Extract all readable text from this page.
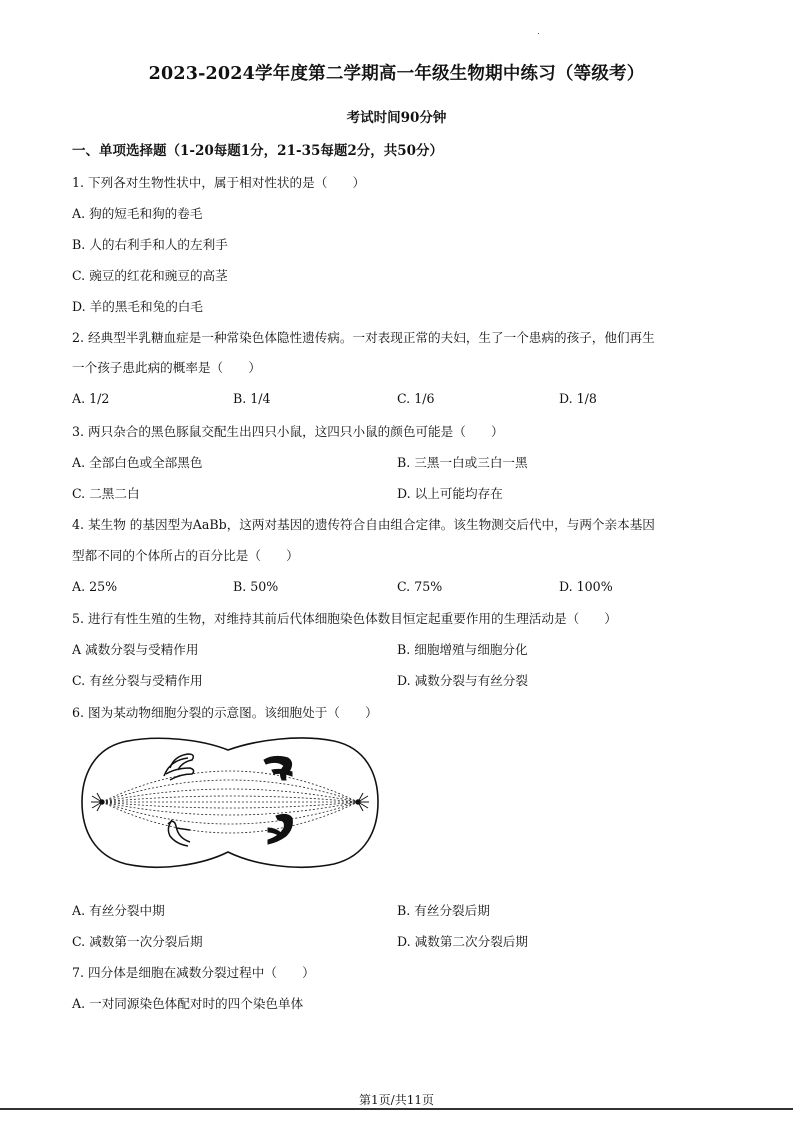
2023-2024学年度第二学期高一年级生物期中练习（等级考）
考试时间90分钟
一、单项选择题（1-20每题1分，21-35每题2分，共50分）
1. 下列各对生物性状中，属于相对性状的是（　　）
A. 狗的短毛和狗的卷毛
B. 人的右利手和人的左利手
C. 豌豆的红花和豌豆的高茎
D. 羊的黑毛和兔的白毛
2. 经典型半乳糖血症是一种常染色体隐性遗传病。一对表现正常的夫妇，生了一个患病的孩子，他们再生
一个孩子患此病的概率是（　　）
A. 1/2	B. 1/4	C. 1/6	D. 1/8
3. 两只杂合的黑色豚鼠交配生出四只小鼠，这四只小鼠的颜色可能是（　　）
A. 全部白色或全部黑色	B. 三黑一白或三白一黑
C. 二黑二白	D. 以上可能均存在
4. 某生物 的基因型为AaBb，这两对基因的遗传符合自由组合定律。该生物测交后代中，与两个亲本基因
型都不同的个体所占的百分比是（　　）
A. 25%	B. 50%	C. 75%	D. 100%
5. 进行有性生殖的生物，对维持其前后代体细胞染色体数目恒定起重要作用的生理活动是（　　）
A 减数分裂与受精作用	B. 细胞增殖与细胞分化
C. 有丝分裂与受精作用	D. 减数分裂与有丝分裂
6. 图为某动物细胞分裂的示意图。该细胞处于（　　）
A. 有丝分裂中期	B. 有丝分裂后期
C. 减数第一次分裂后期	D. 减数第二次分裂后期
7. 四分体是细胞在减数分裂过程中（　　）
A. 一对同源染色体配对时的四个染色单体
第1页/共11页
